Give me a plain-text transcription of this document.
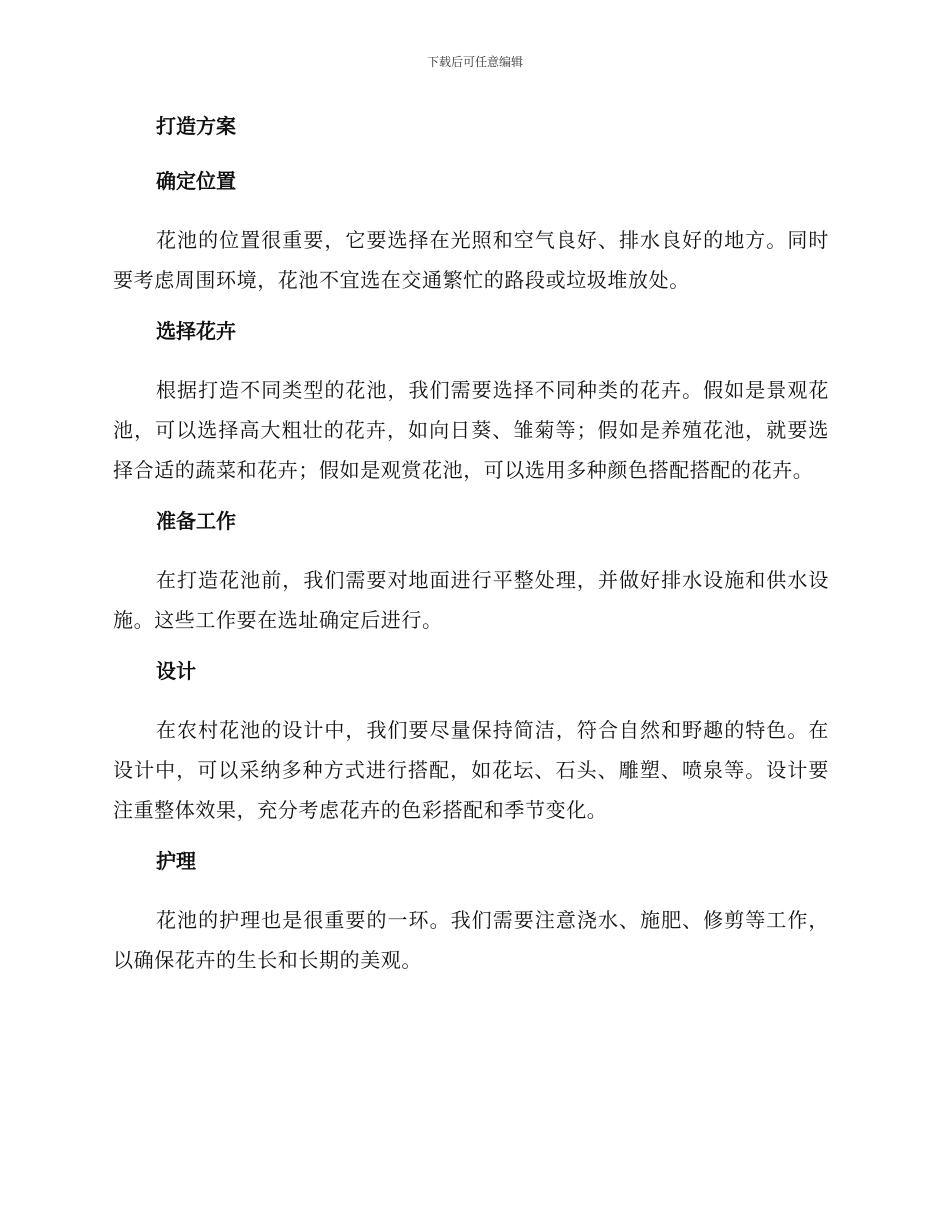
下载后可任意编辑
打造方案
确定位置

花池的位置很重要，它要选择在光照和空气良好、排水良好的地方。同时要考虑周围环境，花池不宜选在交通繁忙的路段或垃圾堆放处。

选择花卉

根据打造不同类型的花池，我们需要选择不同种类的花卉。假如是景观花池，可以选择高大粗壮的花卉，如向日葵、雏菊等；假如是养殖花池，就要选择合适的蔬菜和花卉；假如是观赏花池，可以选用多种颜色搭配搭配的花卉。

准备工作

在打造花池前，我们需要对地面进行平整处理，并做好排水设施和供水设施。这些工作要在选址确定后进行。

设计

在农村花池的设计中，我们要尽量保持简洁，符合自然和野趣的特色。在设计中，可以采纳多种方式进行搭配，如花坛、石头、雕塑、喷泉等。设计要注重整体效果，充分考虑花卉的色彩搭配和季节变化。

护理

花池的护理也是很重要的一环。我们需要注意浇水、施肥、修剪等工作，以确保花卉的生长和长期的美观。
